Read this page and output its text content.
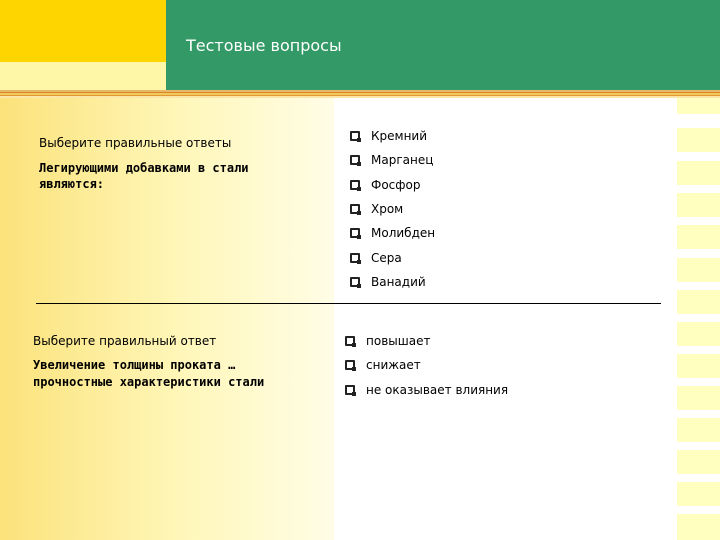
Тестовые вопросы
Выберите правильные ответы
Легирующими добавками в стали
являются:
Кремний
Марганец
Фосфор
Хром
Молибден
Сера
Ванадий
Выберите правильный ответ
Увеличение толщины проката …
прочностные характеристики стали
повышает
снижает
не оказывает влияния
